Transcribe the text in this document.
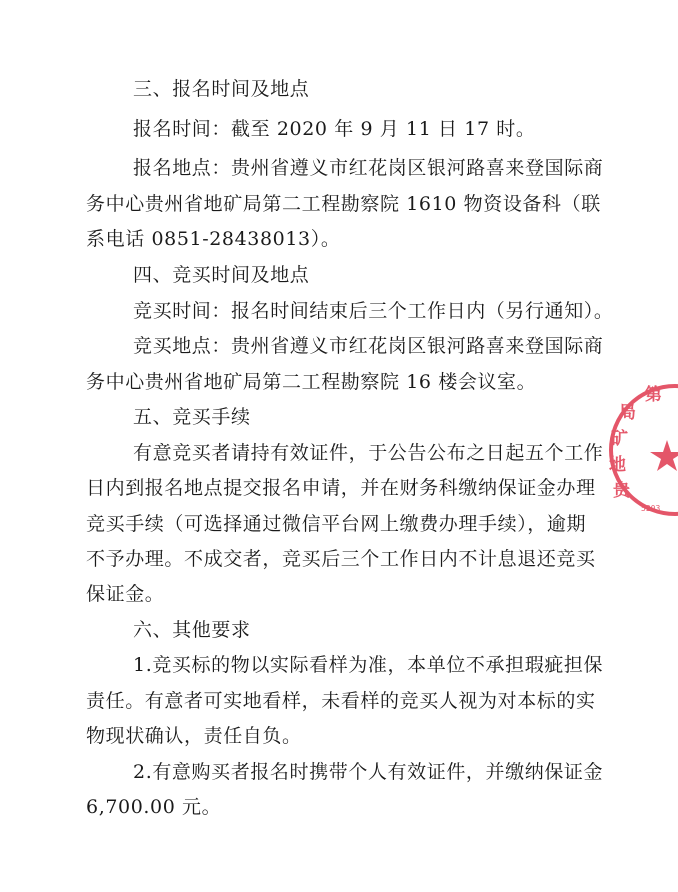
三、报名时间及地点
报名时间：截至 2020 年 9 月 11 日 17 时。
报名地点：贵州省遵义市红花岗区银河路喜来登国际商
务中心贵州省地矿局第二工程勘察院 1610 物资设备科（联
系电话 0851-28438013）。
四、竞买时间及地点
竞买时间：报名时间结束后三个工作日内（另行通知）。
竞买地点：贵州省遵义市红花岗区银河路喜来登国际商
务中心贵州省地矿局第二工程勘察院 16 楼会议室。
五、竞买手续
有意竞买者请持有效证件，于公告公布之日起五个工作
日内到报名地点提交报名申请，并在财务科缴纳保证金办理
竞买手续（可选择通过微信平台网上缴费办理手续），逾期
不予办理。不成交者，竞买后三个工作日内不计息退还竞买
保证金。
六、其他要求
1.竞买标的物以实际看样为准，本单位不承担瑕疵担保
责任。有意者可实地看样，未看样的竞买人视为对本标的实
物现状确认，责任自负。
2.有意购买者报名时携带个人有效证件，并缴纳保证金
6,700.00 元。
局
第
矿
地
贵
5203
